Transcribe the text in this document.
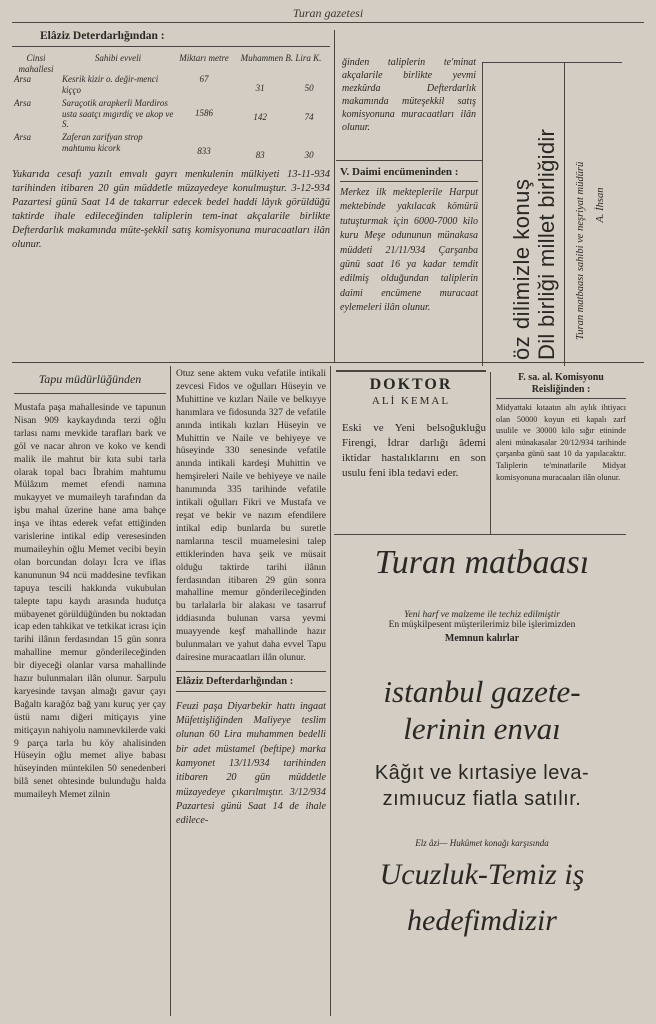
Turan gazetesi
Elâziz Deterdarlığından :
Cinsi mahallesi	Sahibi evveli	Miktarı metre	Muhammen B. Lira K.	
Arsa	Kesrik kizir o. değir-menci kiçço	67	31	50
Arsa	Saraçotik arapkerli Mardiros usta saatçı mıgırdiç ve akop ve S.	1586	142	74
Arsa	Zaferan zarifyan strop mahtumu kicork	833	83	30
Yukarıda cesafı yazılı emvalı gayrı menkulenin mülkiyeti 13-11-934 tarihinden itibaren 20 gün müddetle müzayedeye konulmuştur. 3-12-934 Pazartesi günü Saat 14 de takarrur edecek bedel haddi lâyık görüldüğü taktirde ihale edileceğinden taliplerin tem-inat akçalarile birlikte Defterdarlık makamında müte-şekkil satış komisyonuna muracaatları ilân olunur.
ğinden taliplerin te'minat akçalarile birlikte yevmi mezkûrda Defterdarlık makamında müteşekkil satış komisyonuna muracaatları ilân olunur.
V. Daimi encümeninden :
Merkez ilk mekteplerile Harput mektebinde yakılacak kömürü tutuşturmak için 6000-7000 kilo kuru Meşe odununun münakasa müddeti 21/11/934 Çarşanba günü saat 16 ya kadar temdit edilmiş olduğundan taliplerin daimi encümene muracaat eylemeleri ilân olunur.	öz dilimizle konuş Dil birliği millet birliğidir Turan matbaası sahibi ve neşriyat müdürü A. İhsan
Tapu müdürlüğünden
Mustafa paşa mahallesinde ve tapunun Nisan 909 kaykaydında terzi oğlu tarlası namı mevkide tarafları bark ve göl ve nacar ahron ve koko ve kendi malik ile mahtut bir kıta subi tarla olarak topal bacı İbrahim mahtumu Mülâzım memet efendi namına mukayyet ve mumaileyh tarafından da işbu mahal üzerine hane ama bahçe inşa ve ihtas ederek vefat ettiğinden varislerine intikal edip veresesinden mumaileyhin oğlu Memet vecibi beyin olan borcundan dolayı İcra ve iflas kanununun 94 ncü maddesine tevfikan tapuya tescili hakkında vukubulan talepte tapu kaydı arasında hudutça mübayenet görüldüğünden bu noktadan icap eden tahkikat ve tetkikat icrası için tarihi ilânın ferdasından 15 gün sonra mahalline memur gönderileceğinden bir diyeceği olanlar varsa mahallinde hazır bulunmaları ilân olunur. Sarpulu karyesinde tavşan almağı gavur çayı Bağaltı karağöz bağ yanı kuruç yer çay üstü namı diğeri mitiçayıs yine mitiçayın nahiyolu namınevkilerde vaki 9 parça tarla bu köy ahalisinden Hüseyin oğlu memet aliye babası hüseyinden müntekilen 50 senedenberi bilâ senet ohtesinde bulunduğu halda mumaileyh Memet zilnin
Otuz sene aktem vuku vefatile intikali zevcesi Fidos ve oğulları Hüseyin ve Muhittine ve kızları Naile ve belkıyye hanımlara ve fidosunda 327 de vefatile anında intikalı kızları Hüseyin ve Muhittin ve Naile ve behiyeye ve hüseyinde 330 senesinde vefatile anında intikali kardeşi Muhittin ve hemşireleri Naile ve behiyeye ve naile hanımında 335 tarihinde vefatile intikali oğulları Fikri ve Mustafa ve reşat ve bekir ve nazım efendilere intikal edip bunlarda bu suretle namlarına tescil muamelesini talep ettiklerinden hava şeik ve müsait olduğu taktirde tarihi ilânın ferdasından itibaren 29 gün sonra mahalline memur gönderileceğinden bu tarlalarla bir alakası ve tasarruf iddiasında bulunan varsa yevmi muayyende keşf mahallinde hazır bulunmaları ve yahut daha evvel Tapu dairesine muracaatları ilân olunur.
Elâziz Defterdarlığından :
Feuzi paşa Diyarbekir hattı ingaat Müfettişliğinden Maliyeye teslim olunan 60 Lira muhammen bedelli bir adet müstamel (beftipe) marka kamyonet 13/11/934 tarihinden itibaren 20 gün müddetle müzayedeye çıkarılmıştır. 3/12/934 Pazartesi günü Saat 14 de ihale edilece-
DOKTOR
ALİ KEMAL
Eski ve Yeni belsoğukluğu Firengi, İdrar darlığı âdemi iktidar hastalıklarını en son usulu feni ibla tedavi eder.
F. sa. al. Komisyonu Reisliğinden :
Midyattaki kıtaatın altı aylık ihtiyacı olan 50000 koyun eti kapalı zarf usulile ve 30000 kilo sığır etininde aleni münakasalar 20/12/934 tarihinde çarşanba günü saat 10 da yapılacaktır. Taliplerin te'minatlarile Midyat komisyonuna muracaaları ilân olunur.
Turan matbaası
Yeni harf ve malzeme ile techiz edilmiştir
En müşkilpesent müşterilerimiz bile işlerimizden
Memnun kalırlar
istanbul gazete-
lerinin envaı
Kâğıt ve kırtasiye leva-
zımıucuz fiatla satılır.
Elz âzi— Hukûmet konağı karşısında
Ucuzluk-Temiz iş
hedefimdizir
